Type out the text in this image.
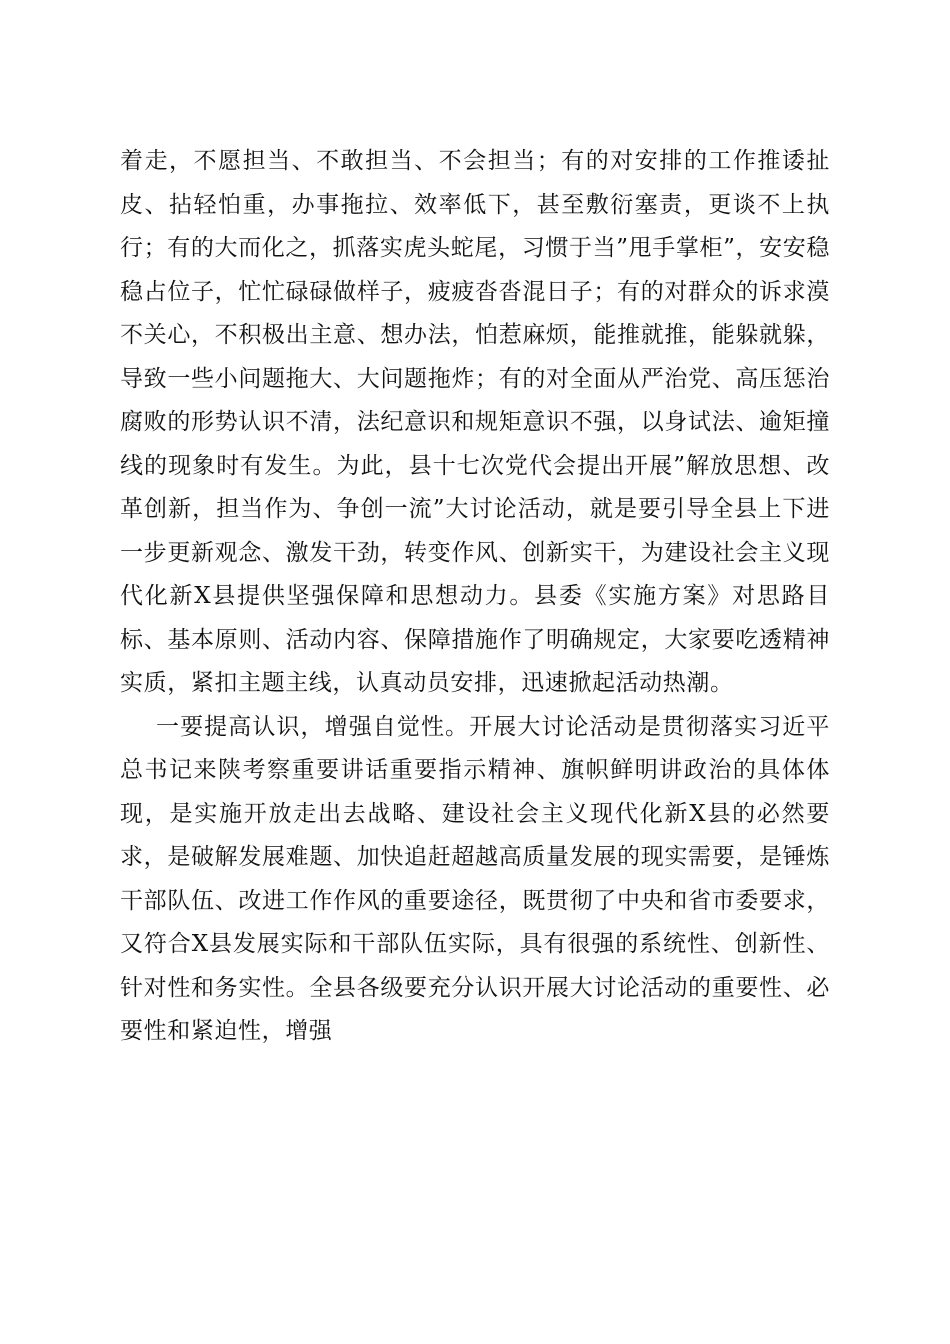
着走，不愿担当、不敢担当、不会担当；有的对安排的工作推诿扯皮、拈轻怕重，办事拖拉、效率低下，甚至敷衍塞责，更谈不上执行；有的大而化之，抓落实虎头蛇尾，习惯于当”甩手掌柜”，安安稳稳占位子，忙忙碌碌做样子，疲疲沓沓混日子；有的对群众的诉求漠不关心，不积极出主意、想办法，怕惹麻烦，能推就推，能躲就躲，导致一些小问题拖大、大问题拖炸；有的对全面从严治党、高压惩治腐败的形势认识不清，法纪意识和规矩意识不强，以身试法、逾矩撞线的现象时有发生。为此，县十七次党代会提出开展”解放思想、改革创新，担当作为、争创一流”大讨论活动，就是要引导全县上下进一步更新观念、激发干劲，转变作风、创新实干，为建设社会主义现代化新X县提供坚强保障和思想动力。县委《实施方案》对思路目标、基本原则、活动内容、保障措施作了明确规定，大家要吃透精神实质，紧扣主题主线，认真动员安排，迅速掀起活动热潮。

一要提高认识，增强自觉性。开展大讨论活动是贯彻落实习近平总书记来陕考察重要讲话重要指示精神、旗帜鲜明讲政治的具体体现，是实施开放走出去战略、建设社会主义现代化新X县的必然要求，是破解发展难题、加快追赶超越高质量发展的现实需要，是锤炼干部队伍、改进工作作风的重要途径，既贯彻了中央和省市委要求，又符合X县发展实际和干部队伍实际，具有很强的系统性、创新性、针对性和务实性。全县各级要充分认识开展大讨论活动的重要性、必要性和紧迫性，增强
